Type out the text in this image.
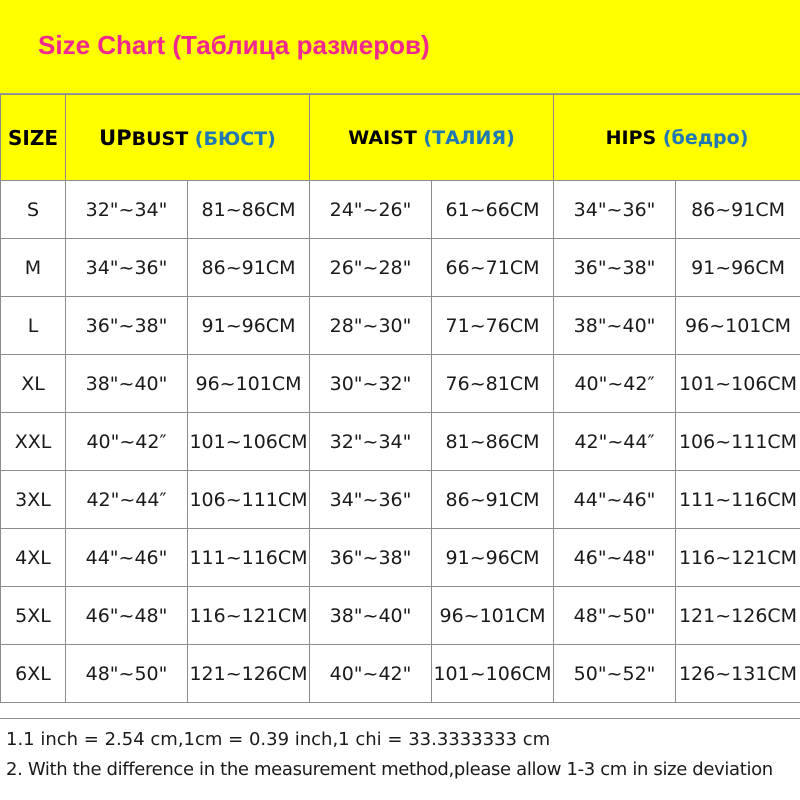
Size Chart (Таблица размеров)
SIZE	UPBUST (БЮСТ)		WAIST (ТАЛИЯ)		HIPS (бедро)	
S	32"~34"	81~86CM	24"~26"	61~66CM	34"~36"	86~91CM
M	34"~36"	86~91CM	26"~28"	66~71CM	36"~38"	91~96CM
L	36"~38"	91~96CM	28"~30"	71~76CM	38"~40"	96~101CM
XL	38"~40"	96~101CM	30"~32"	76~81CM	40"~42″	101~106CM
XXL	40"~42″	101~106CM	32"~34"	81~86CM	42"~44″	106~111CM
3XL	42"~44″	106~111CM	34"~36"	86~91CM	44"~46"	111~116CM
4XL	44"~46"	111~116CM	36"~38"	91~96CM	46"~48"	116~121CM
5XL	46"~48"	116~121CM	38"~40"	96~101CM	48"~50"	121~126CM
6XL	48"~50"	121~126CM	40"~42"	101~106CM	50"~52"	126~131CM
1.1 inch = 2.54 cm,1cm = 0.39 inch,1 chi = 33.3333333 cm
2. With the difference in the measurement method,please allow 1-3 cm in size deviation
